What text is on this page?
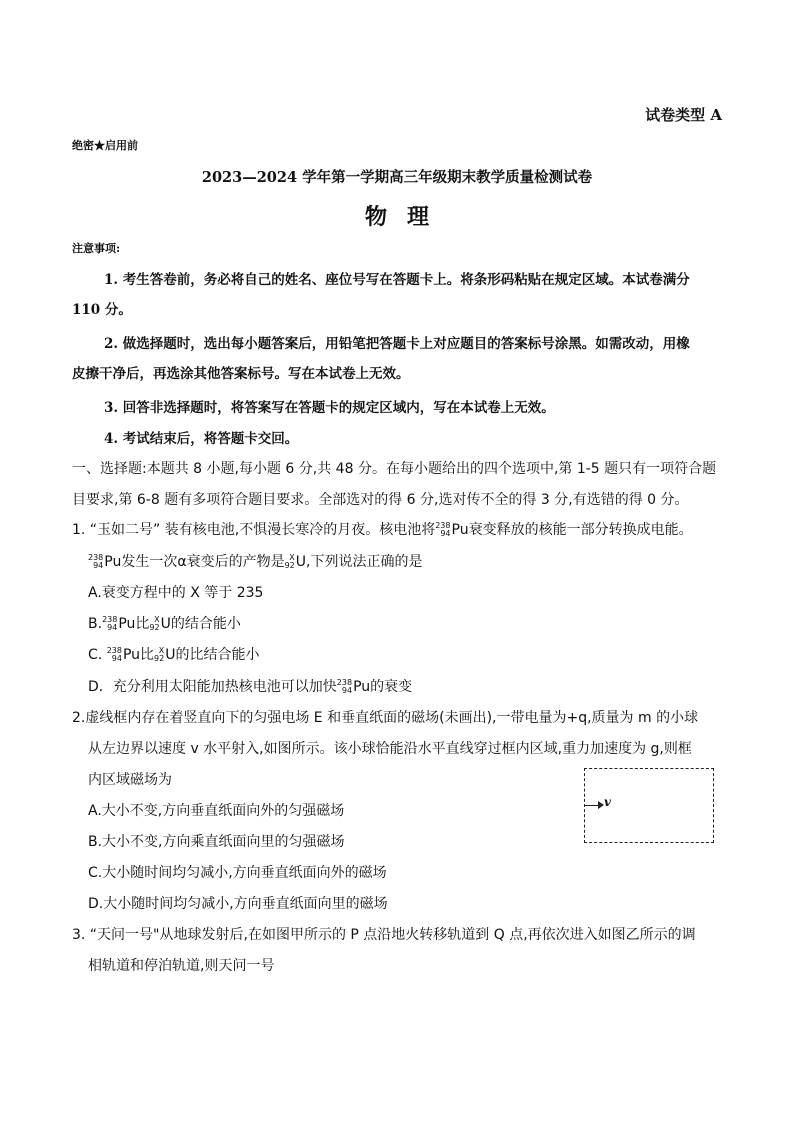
试卷类型 A
绝密★启用前
2023—2024 学年第一学期高三年级期末教学质量检测试卷
物理
注意事项:
1. 考生答卷前，务必将自己的姓名、座位号写在答题卡上。将条形码粘贴在规定区域。本试卷满分
110 分。
2. 做选择题时，选出每小题答案后，用铅笔把答题卡上对应题目的答案标号涂黑。如需改动，用橡
皮擦干净后，再选涂其他答案标号。写在本试卷上无效。
3. 回答非选择题时，将答案写在答题卡的规定区域内，写在本试卷上无效。
4. 考试结束后，将答题卡交回。
一、选择题:本题共 8 小题,每小题 6 分,共 48 分。在每小题给出的四个选项中,第 1-5 题只有一项符合题
目要求,第 6-8 题有多项符合题目要求。全部选对的得 6 分,选对传不全的得 3 分,有选错的得 0 分。
1. “玉如二号” 装有核电池,不惧漫长寒冷的月夜。核电池将 238
94 Pu衰变释放的核能一部分转换成电能。
238
94 Pu发生一次α衰变后的产物是 X
92 U,下列说法正确的是
A.衰变方程中的 X 等于 235
B. 238
94 Pu比 X
92 U的结合能小
C. 238
94 Pu比 X
92 U的比结合能小
D．充分利用太阳能加热核电池可以加快 238
94 Pu的衰变
2.虚线框内存在着竖直向下的匀强电场 E 和垂直纸面的磁场(未画出),一带电量为+q,质量为 m 的小球
从左边界以速度 v 水平射入,如图所示。该小球恰能沿水平直线穿过框内区域,重力加速度为 g,则框
内区域磁场为
A.大小不变,方向垂直纸面向外的匀强磁场
B.大小不变,方向乘直纸面向里的匀强磁场
C.大小随时间均匀减小,方向垂直纸面向外的磁场
D.大小随时间均匀减小,方向垂直纸面向里的磁场
v
3. “天问一号"从地球发射后,在如图甲所示的 P 点沿地火转移轨道到 Q 点,再依次进入如图乙所示的调
相轨道和停泊轨道,则天问一号
